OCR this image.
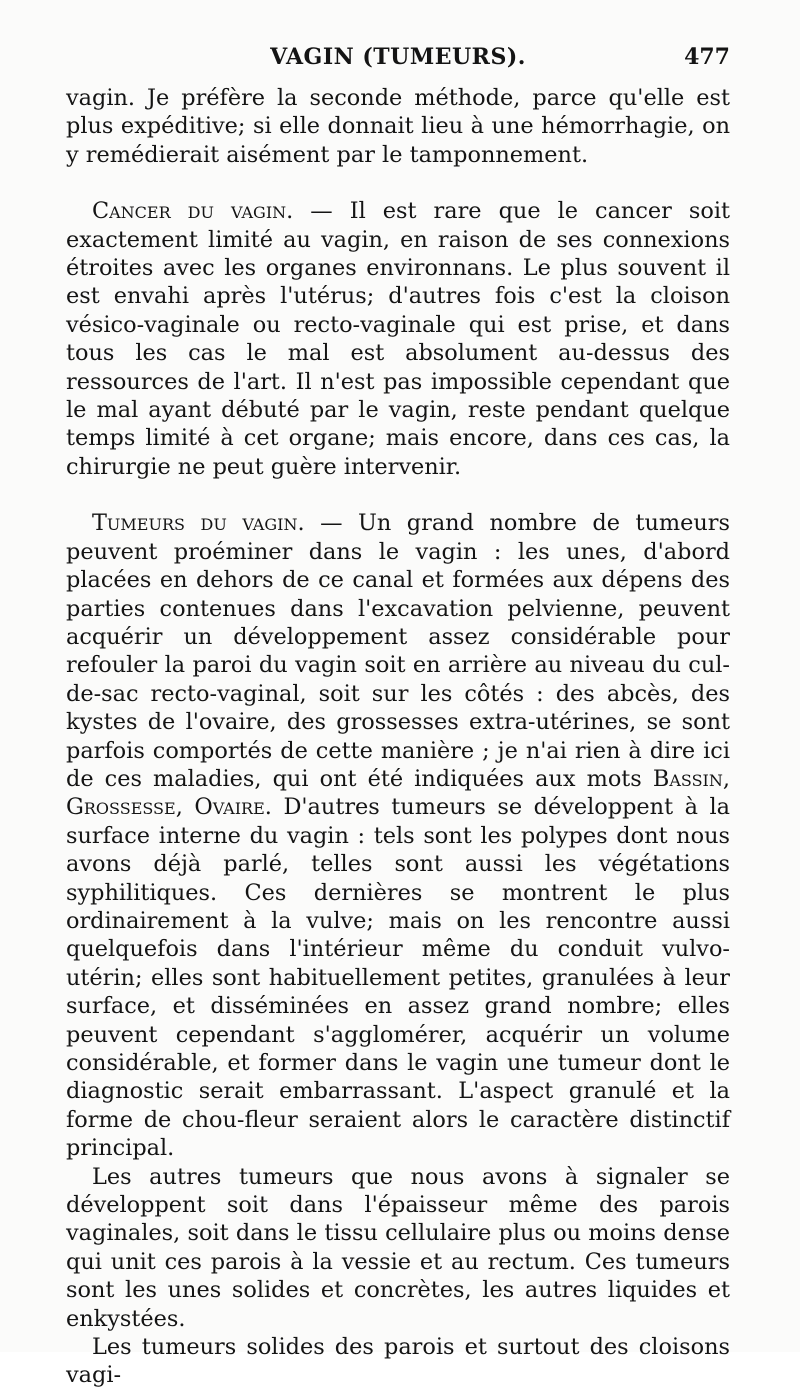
VAGIN (TUMEURS).	477

vagin. Je préfère la seconde méthode, parce qu'elle est plus expéditive; si elle donnait lieu à une hémorrhagie, on y remédierait aisément par le tamponnement.

Cancer du vagin. — Il est rare que le cancer soit exactement limité au vagin, en raison de ses connexions étroites avec les organes environnans. Le plus souvent il est envahi après l'utérus; d'autres fois c'est la cloison vésico-vaginale ou recto-vaginale qui est prise, et dans tous les cas le mal est absolument au-dessus des ressources de l'art. Il n'est pas impossible cependant que le mal ayant débuté par le vagin, reste pendant quelque temps limité à cet organe; mais encore, dans ces cas, la chirurgie ne peut guère intervenir.

Tumeurs du vagin. — Un grand nombre de tumeurs peuvent proéminer dans le vagin : les unes, d'abord placées en dehors de ce canal et formées aux dépens des parties contenues dans l'excavation pelvienne, peuvent acquérir un développement assez considérable pour refouler la paroi du vagin soit en arrière au niveau du cul-de-sac recto-vaginal, soit sur les côtés : des abcès, des kystes de l'ovaire, des grossesses extra-utérines, se sont parfois comportés de cette manière ; je n'ai rien à dire ici de ces maladies, qui ont été indiquées aux mots Bassin, Grossesse, Ovaire. D'autres tumeurs se développent à la surface interne du vagin : tels sont les polypes dont nous avons déjà parlé, telles sont aussi les végétations syphilitiques. Ces dernières se montrent le plus ordinairement à la vulve; mais on les rencontre aussi quelquefois dans l'intérieur même du conduit vulvo-utérin; elles sont habituellement petites, granulées à leur surface, et disséminées en assez grand nombre; elles peuvent cependant s'agglomérer, acquérir un volume considérable, et former dans le vagin une tumeur dont le diagnostic serait embarrassant. L'aspect granulé et la forme de chou-fleur seraient alors le caractère distinctif principal.

Les autres tumeurs que nous avons à signaler se développent soit dans l'épaisseur même des parois vaginales, soit dans le tissu cellulaire plus ou moins dense qui unit ces parois à la vessie et au rectum. Ces tumeurs sont les unes solides et concrètes, les autres liquides et enkystées.

Les tumeurs solides des parois et surtout des cloisons vagi-
